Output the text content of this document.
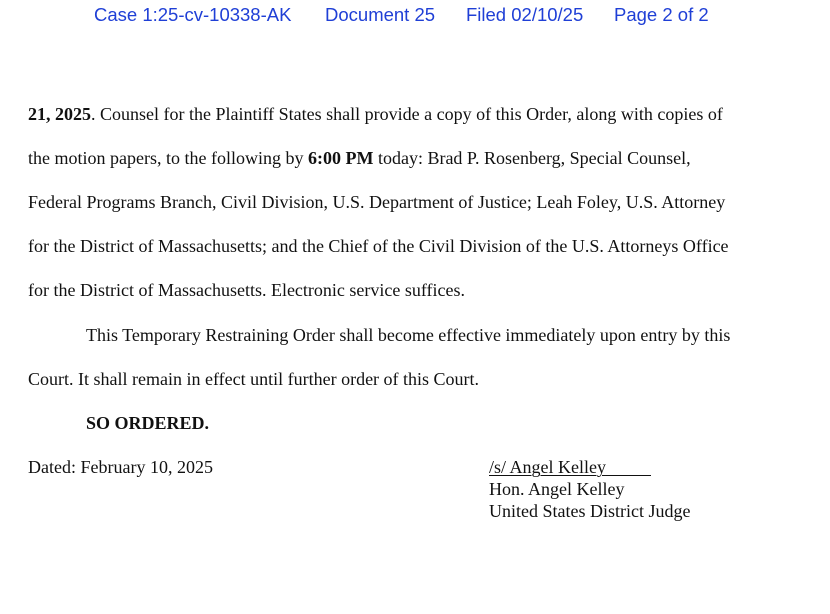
Case 1:25-cv-10338-AK Document 25 Filed 02/10/25 Page 2 of 2
21, 2025. Counsel for the Plaintiff States shall provide a copy of this Order, along with copies of
the motion papers, to the following by 6:00 PM today: Brad P. Rosenberg, Special Counsel,
Federal Programs Branch, Civil Division, U.S. Department of Justice; Leah Foley, U.S. Attorney
for the District of Massachusetts; and the Chief of the Civil Division of the U.S. Attorneys Office
for the District of Massachusetts. Electronic service suffices.
This Temporary Restraining Order shall become effective immediately upon entry by this
Court. It shall remain in effect until further order of this Court.
SO ORDERED.
Dated: February 10, 2025	/s/ Angel Kelley
Hon. Angel Kelley
United States District Judge
